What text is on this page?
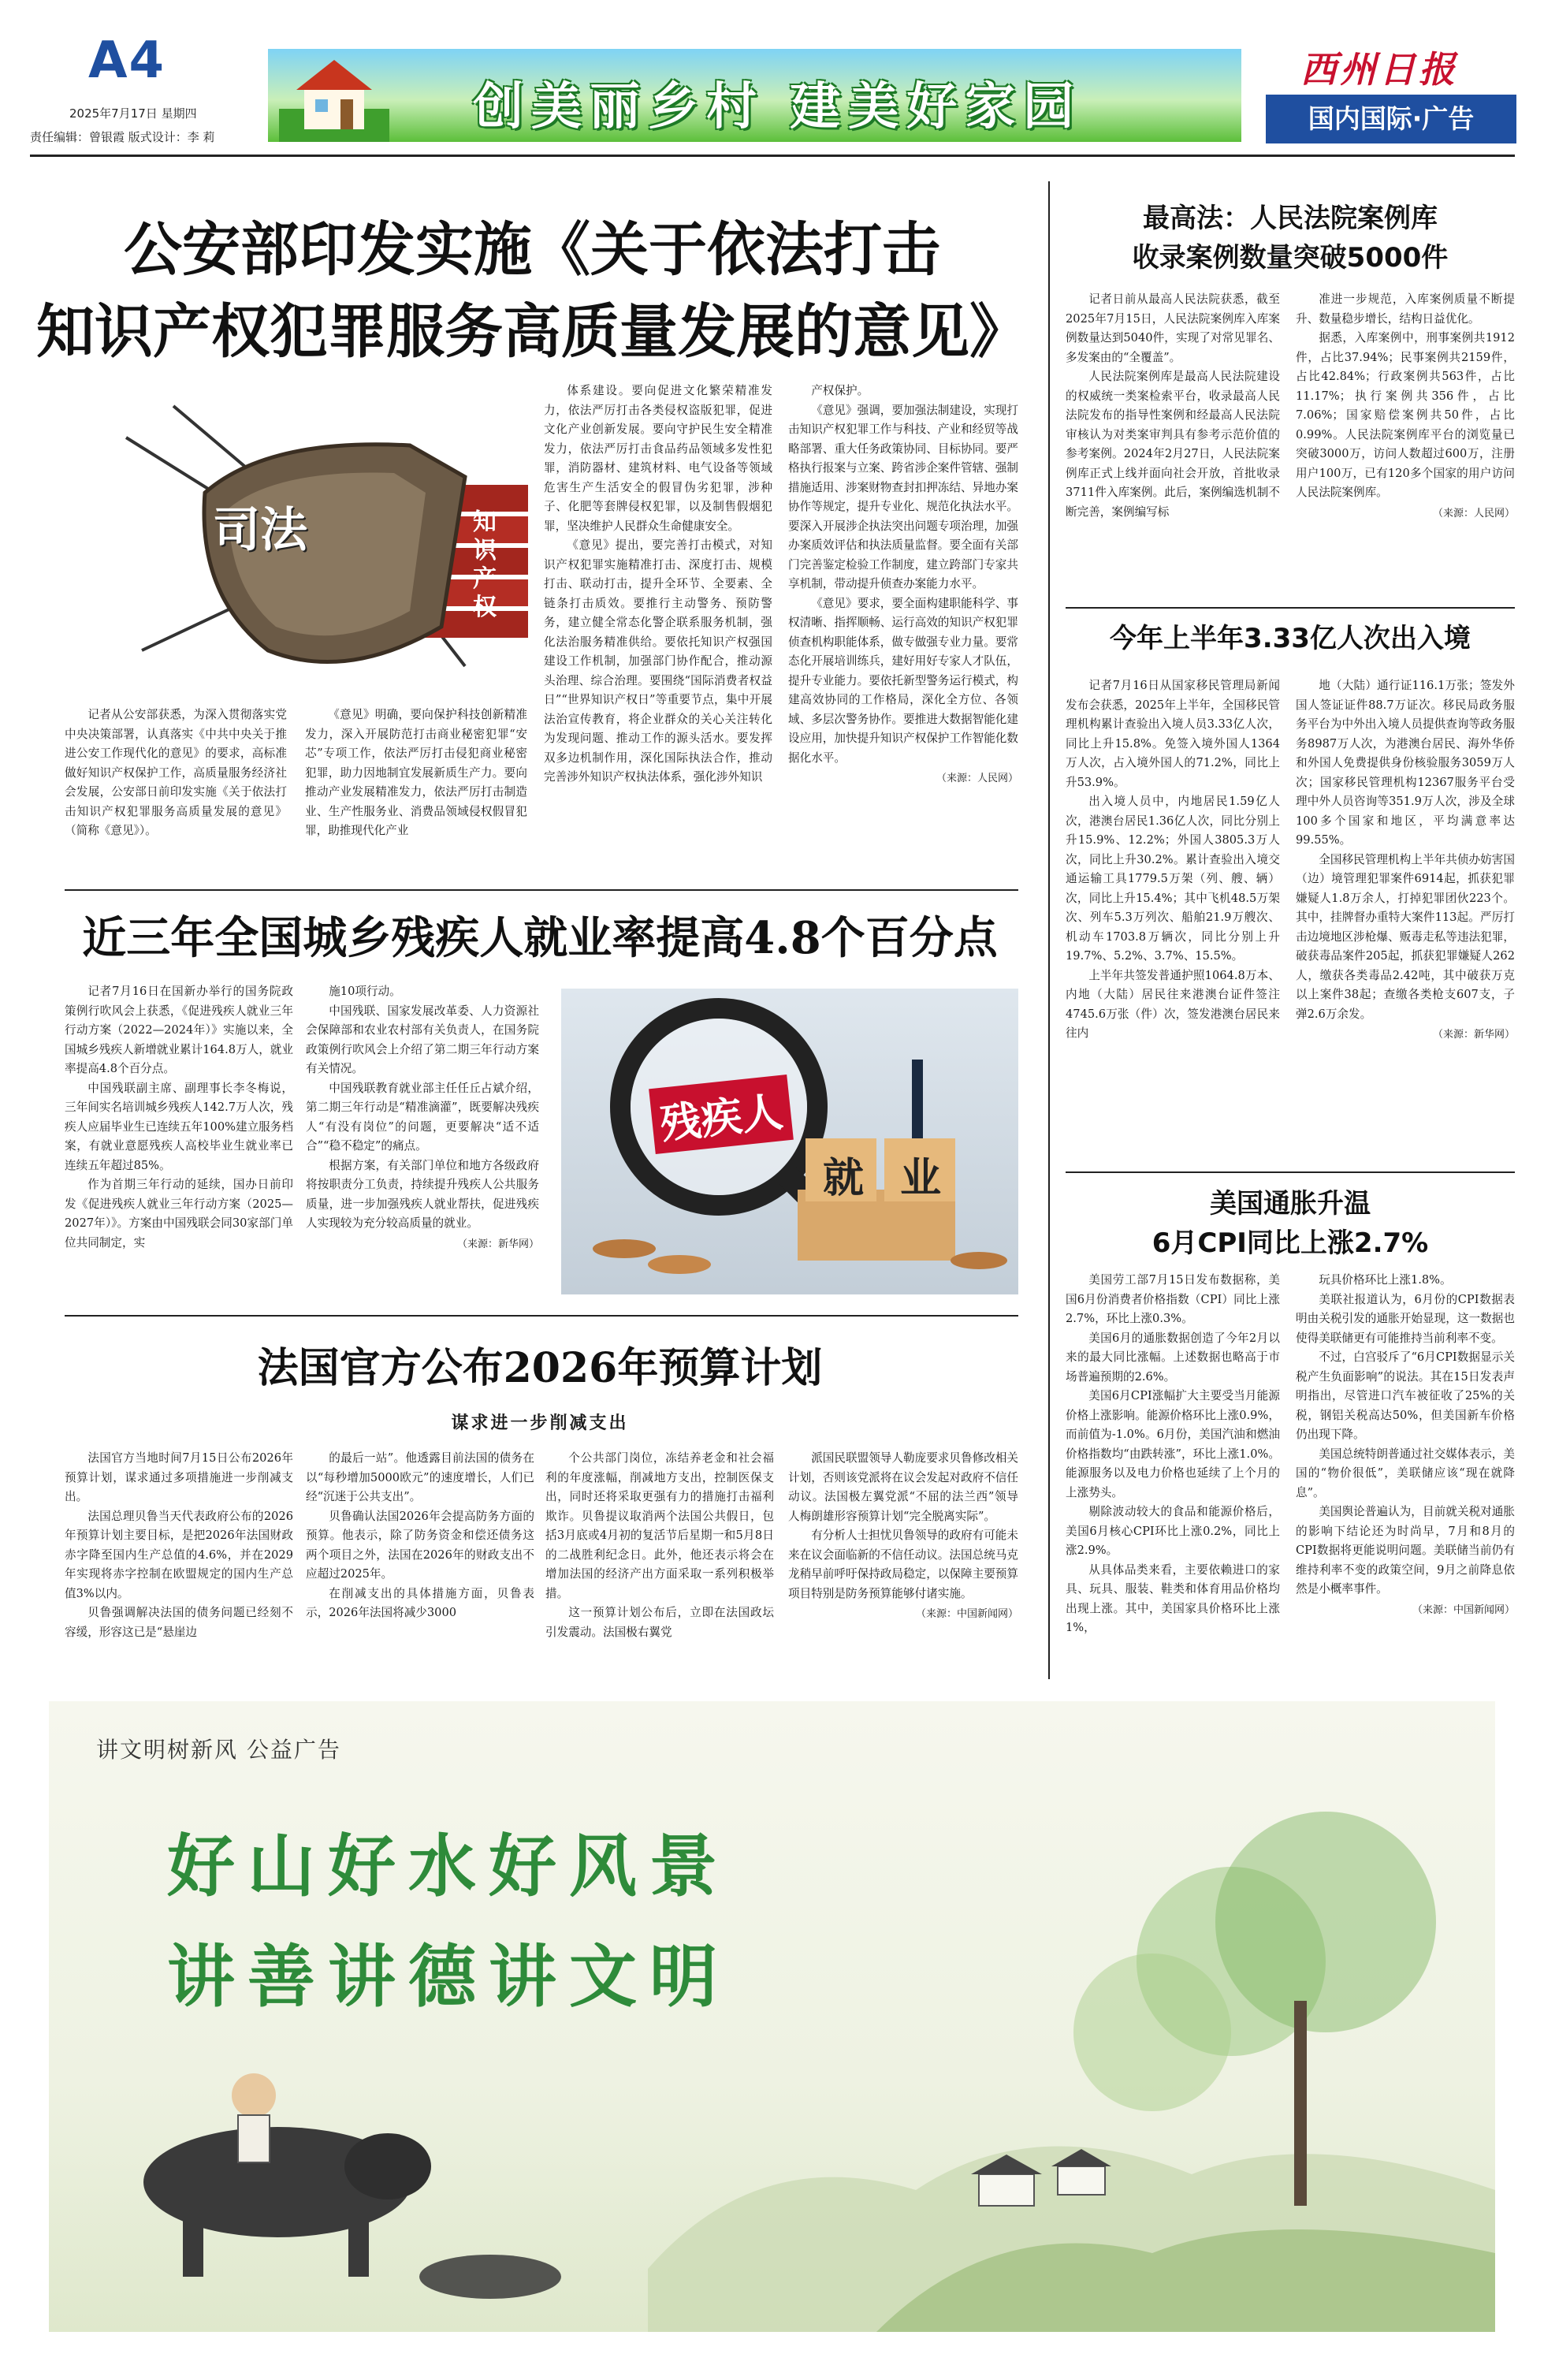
A4
2025年7月17日 星期四
责任编辑：曾银霞 版式设计：李 莉
创美丽乡村 建美好家园
西州日报
国内国际·广告
公安部印发实施《关于依法打击
知识产权犯罪服务高质量发展的意见》
司法	知识产权

记者从公安部获悉，为深入贯彻落实党中央决策部署，认真落实《中共中央关于推进公安工作现代化的意见》的要求，高标准做好知识产权保护工作，高质量服务经济社会发展，公安部日前印发实施《关于依法打击知识产权犯罪服务高质量发展的意见》（简称《意见》）。

《意见》明确，要向保护科技创新精准发力，深入开展防范打击商业秘密犯罪“安芯”专项工作，依法严厉打击侵犯商业秘密犯罪，助力因地制宜发展新质生产力。要向推动产业发展精准发力，依法严厉打击制造业、生产性服务业、消费品领域侵权假冒犯罪，助推现代化产业

体系建设。要向促进文化繁荣精准发力，依法严厉打击各类侵权盗版犯罪，促进文化产业创新发展。要向守护民生安全精准发力，依法严厉打击食品药品领域多发性犯罪，消防器材、建筑材料、电气设备等领域危害生产生活安全的假冒伪劣犯罪，涉种子、化肥等套牌侵权犯罪，以及制售假烟犯罪，坚决维护人民群众生命健康安全。

《意见》提出，要完善打击模式，对知识产权犯罪实施精准打击、深度打击、规模打击、联动打击，提升全环节、全要素、全链条打击质效。要推行主动警务、预防警务，建立健全常态化警企联系服务机制，强化法治服务精准供给。要依托知识产权强国建设工作机制，加强部门协作配合，推动源头治理、综合治理。要围绕“国际消费者权益日”“世界知识产权日”等重要节点，集中开展法治宣传教育，将企业群众的关心关注转化为发现问题、推动工作的源头活水。要发挥双多边机制作用，深化国际执法合作，推动完善涉外知识产权执法体系，强化涉外知识

产权保护。

《意见》强调，要加强法制建设，实现打击知识产权犯罪工作与科技、产业和经贸等战略部署、重大任务政策协同、目标协同。要严格执行报案与立案、跨省涉企案件管辖、强制措施适用、涉案财物查封扣押冻结、异地办案协作等规定，提升专业化、规范化执法水平。要深入开展涉企执法突出问题专项治理，加强办案质效评估和执法质量监督。要全面有关部门完善鉴定检验工作制度，建立跨部门专家共享机制，带动提升侦查办案能力水平。

《意见》要求，要全面构建职能科学、事权清晰、指挥顺畅、运行高效的知识产权犯罪侦查机构职能体系，做专做强专业力量。要常态化开展培训练兵，建好用好专家人才队伍，提升专业能力。要依托新型警务运行模式，构建高效协同的工作格局，深化全方位、各领域、多层次警务协作。要推进大数据智能化建设应用，加快提升知识产权保护工作智能化数据化水平。

（来源：人民网）
近三年全国城乡残疾人就业率提高4.8个百分点

记者7月16日在国新办举行的国务院政策例行吹风会上获悉，《促进残疾人就业三年行动方案（2022—2024年）》实施以来，全国城乡残疾人新增就业累计164.8万人，就业率提高4.8个百分点。

中国残联副主席、副理事长李冬梅说，三年间实名培训城乡残疾人142.7万人次，残疾人应届毕业生已连续五年100%建立服务档案，有就业意愿残疾人高校毕业生就业率已连续五年超过85%。

作为首期三年行动的延续，国办日前印发《促进残疾人就业三年行动方案（2025—2027年）》。方案由中国残联会同30家部门单位共同制定，实

施10项行动。

中国残联、国家发展改革委、人力资源社会保障部和农业农村部有关负责人，在国务院政策例行吹风会上介绍了第二期三年行动方案有关情况。

中国残联教育就业部主任任丘占斌介绍，第二期三年行动是“精准滴灌”，既要解决残疾人“有没有岗位”的问题，更要解决“适不适合”“稳不稳定”的痛点。

根据方案，有关部门单位和地方各级政府将按职责分工负责，持续提升残疾人公共服务质量，进一步加强残疾人就业帮扶，促进残疾人实现较为充分较高质量的就业。

（来源：新华网）
残疾人
就 业
法国官方公布2026年预算计划
谋求进一步削减支出

法国官方当地时间7月15日公布2026年预算计划，谋求通过多项措施进一步削减支出。

法国总理贝鲁当天代表政府公布的2026年预算计划主要目标，是把2026年法国财政赤字降至国内生产总值的4.6%，并在2029年实现将赤字控制在欧盟规定的国内生产总值3%以内。

贝鲁强调解决法国的债务问题已经刻不容缓，形容这已是“悬崖边

的最后一站”。他透露目前法国的债务在以“每秒增加5000欧元”的速度增长，人们已经“沉迷于公共支出”。

贝鲁确认法国2026年会提高防务方面的预算。他表示，除了防务资金和偿还债务这两个项目之外，法国在2026年的财政支出不应超过2025年。

在削减支出的具体措施方面，贝鲁表示，2026年法国将减少3000

个公共部门岗位，冻结养老金和社会福利的年度涨幅，削减地方支出，控制医保支出，同时还将采取更强有力的措施打击福利欺诈。贝鲁提议取消两个法国公共假日，包括3月底或4月初的复活节后星期一和5月8日的二战胜利纪念日。此外，他还表示将会在增加法国的经济产出方面采取一系列积极举措。

这一预算计划公布后，立即在法国政坛引发震动。法国极右翼党

派国民联盟领导人勒庞要求贝鲁修改相关计划，否则该党派将在议会发起对政府不信任动议。法国极左翼党派“不屈的法兰西”领导人梅朗雄形容预算计划“完全脱离实际”。

有分析人士担忧贝鲁领导的政府有可能未来在议会面临新的不信任动议。法国总统马克龙稍早前呼吁保持政局稳定，以保障主要预算项目特别是防务预算能够付诸实施。

（来源：中国新闻网）
最高法：人民法院案例库
收录案例数量突破5000件

记者日前从最高人民法院获悉，截至2025年7月15日，人民法院案例库入库案例数量达到5040件，实现了对常见罪名、多发案由的“全覆盖”。

人民法院案例库是最高人民法院建设的权威统一类案检索平台，收录最高人民法院发布的指导性案例和经最高人民法院审核认为对类案审判具有参考示范价值的参考案例。2024年2月27日，人民法院案例库正式上线并面向社会开放，首批收录3711件入库案例。此后，案例编选机制不断完善，案例编写标

准进一步规范，入库案例质量不断提升、数量稳步增长，结构日益优化。

据悉，入库案例中，刑事案例共1912件，占比37.94%；民事案例共2159件，占比42.84%；行政案例共563件，占比11.17%；执行案例共356件，占比7.06%；国家赔偿案例共50件，占比0.99%。人民法院案例库平台的浏览量已突破3000万，访问人数超过600万，注册用户100万，已有120多个国家的用户访问人民法院案例库。

（来源：人民网）
今年上半年3.33亿人次出入境

记者7月16日从国家移民管理局新闻发布会获悉，2025年上半年，全国移民管理机构累计查验出入境人员3.33亿人次，同比上升15.8%。免签入境外国人1364万人次，占入境外国人的71.2%，同比上升53.9%。

出入境人员中，内地居民1.59亿人次，港澳台居民1.36亿人次，同比分别上升15.9%、12.2%；外国人3805.3万人次，同比上升30.2%。累计查验出入境交通运输工具1779.5万架（列、艘、辆）次，同比上升15.4%；其中飞机48.5万架次、列车5.3万列次、船舶21.9万艘次、机动车1703.8万辆次，同比分别上升19.7%、5.2%、3.7%、15.5%。

上半年共签发普通护照1064.8万本、内地（大陆）居民往来港澳台证件签注4745.6万张（件）次，签发港澳台居民来往内

地（大陆）通行证116.1万张；签发外国人签证证件88.7万证次。移民局政务服务平台为中外出入境人员提供查询等政务服务8987万人次，为港澳台居民、海外华侨和外国人免费提供身份核验服务3059万人次；国家移民管理机构12367服务平台受理中外人员咨询等351.9万人次，涉及全球100多个国家和地区，平均满意率达99.55%。

全国移民管理机构上半年共侦办妨害国（边）境管理犯罪案件6914起，抓获犯罪嫌疑人1.8万余人，打掉犯罪团伙223个。其中，挂牌督办重特大案件113起。严厉打击边境地区涉枪爆、贩毒走私等违法犯罪，破获毒品案件205起，抓获犯罪嫌疑人262人，缴获各类毒品2.42吨，其中破获万克以上案件38起；查缴各类枪支607支，子弹2.6万余发。

（来源：新华网）
美国通胀升温
6月CPI同比上涨2.7%

美国劳工部7月15日发布数据称，美国6月份消费者价格指数（CPI）同比上涨2.7%，环比上涨0.3%。

美国6月的通胀数据创造了今年2月以来的最大同比涨幅。上述数据也略高于市场普遍预期的2.6%。

美国6月CPI涨幅扩大主要受当月能源价格上涨影响。能源价格环比上涨0.9%，而前值为-1.0%。6月份，美国汽油和燃油价格指数均“由跌转涨”，环比上涨1.0%。能源服务以及电力价格也延续了上个月的上涨势头。

剔除波动较大的食品和能源价格后，美国6月核心CPI环比上涨0.2%，同比上涨2.9%。

从具体品类来看，主要依赖进口的家具、玩具、服装、鞋类和体育用品价格均出现上涨。其中，美国家具价格环比上涨1%，

玩具价格环比上涨1.8%。

美联社报道认为，6月份的CPI数据表明由关税引发的通胀开始显现，这一数据也使得美联储更有可能推持当前利率不变。

不过，白宫驳斥了“6月CPI数据显示关税产生负面影响”的说法。其在15日发表声明指出，尽管进口汽车被征收了25%的关税，钢铝关税高达50%，但美国新车价格仍出现下降。

美国总统特朗普通过社交媒体表示，美国的“物价很低”，美联储应该“现在就降息”。

美国舆论普遍认为，目前就关税对通胀的影响下结论还为时尚早，7月和8月的CPI数据将更能说明问题。美联储当前仍有维持利率不变的政策空间，9月之前降息依然是小概率事件。

（来源：中国新闻网）
讲文明树新风 公益广告
好山好水好风景
讲善讲德讲文明
